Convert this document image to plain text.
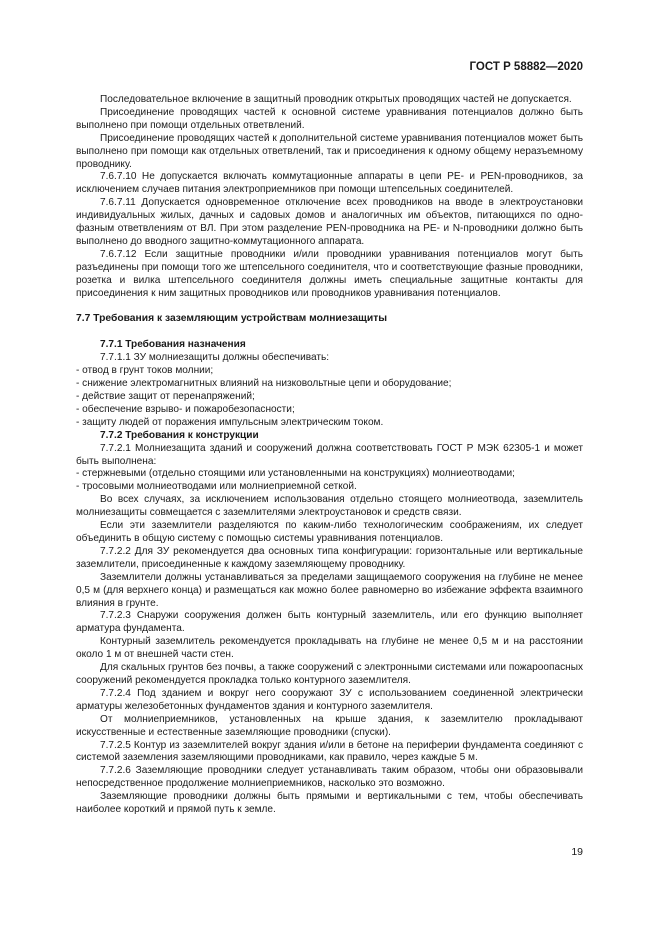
ГОСТ Р 58882—2020

Последовательное включение в защитный проводник открытых проводящих частей не допускается.

Присоединение проводящих частей к основной системе уравнивания потенциалов должно быть выполнено при помощи отдельных ответвлений.

Присоединение проводящих частей к дополнительной системе уравнивания потенциалов может быть выполнено при помощи как отдельных ответвлений, так и присоединения к одному общему неразъемному проводнику.

7.6.7.10 Не допускается включать коммутационные аппараты в цепи PE- и PEN-проводников, за исключением случаев питания электроприемников при помощи штепсельных соединителей.

7.6.7.11 Допускается одновременное отключение всех проводников на вводе в электроустановки индивидуальных жилых, дачных и садовых домов и аналогичных им объектов, питающихся по одно-фазным ответвлениям от ВЛ. При этом разделение PEN-проводника на PE- и N-проводники должно быть выполнено до вводного защитно-коммутационного аппарата.

7.6.7.12 Если защитные проводники и/или проводники уравнивания потенциалов могут быть разъединены при помощи того же штепсельного соединителя, что и соответствующие фазные проводники, розетка и вилка штепсельного соединителя должны иметь специальные защитные контакты для присоединения к ним защитных проводников или проводников уравнивания потенциалов.

7.7 Требования к заземляющим устройствам молниезащиты

7.7.1 Требования назначения

7.7.1.1 ЗУ молниезащиты должны обеспечивать:

- отвод в грунт токов молнии;

- снижение электромагнитных влияний на низковольтные цепи и оборудование;

- действие защит от перенапряжений;

- обеспечение взрыво- и пожаробезопасности;

- защиту людей от поражения импульсным электрическим током.

7.7.2 Требования к конструкции

7.7.2.1 Молниезащита зданий и сооружений должна соответствовать ГОСТ Р МЭК 62305-1 и может быть выполнена:

- стержневыми (отдельно стоящими или установленными на конструкциях) молниеотводами;

- тросовыми молниеотводами или молниеприемной сеткой.

Во всех случаях, за исключением использования отдельно стоящего молниеотвода, заземлитель молниезащиты совмещается с заземлителями электроустановок и средств связи.

Если эти заземлители разделяются по каким-либо технологическим соображениям, их следует объединить в общую систему с помощью системы уравнивания потенциалов.

7.7.2.2 Для ЗУ рекомендуется два основных типа конфигурации: горизонтальные или вертикальные заземлители, присоединенные к каждому заземляющему проводнику.

Заземлители должны устанавливаться за пределами защищаемого сооружения на глубине не менее 0,5 м (для верхнего конца) и размещаться как можно более равномерно во избежание эффекта взаимного влияния в грунте.

7.7.2.3 Снаружи сооружения должен быть контурный заземлитель, или его функцию выполняет арматура фундамента.

Контурный заземлитель рекомендуется прокладывать на глубине не менее 0,5 м и на расстоянии около 1 м от внешней части стен.

Для скальных грунтов без почвы, а также сооружений с электронными системами или пожароопасных сооружений рекомендуется прокладка только контурного заземлителя.

7.7.2.4 Под зданием и вокруг него сооружают ЗУ с использованием соединенной электрически арматуры железобетонных фундаментов здания и контурного заземлителя.

От молниеприемников, установленных на крыше здания, к заземлителю прокладывают искусственные и естественные заземляющие проводники (спуски).

7.7.2.5 Контур из заземлителей вокруг здания и/или в бетоне на периферии фундамента соединяют с системой заземления заземляющими проводниками, как правило, через каждые 5 м.

7.7.2.6 Заземляющие проводники следует устанавливать таким образом, чтобы они образовывали непосредственное продолжение молниеприемников, насколько это возможно.

Заземляющие проводники должны быть прямыми и вертикальными с тем, чтобы обеспечивать наиболее короткий и прямой путь к земле.

19
